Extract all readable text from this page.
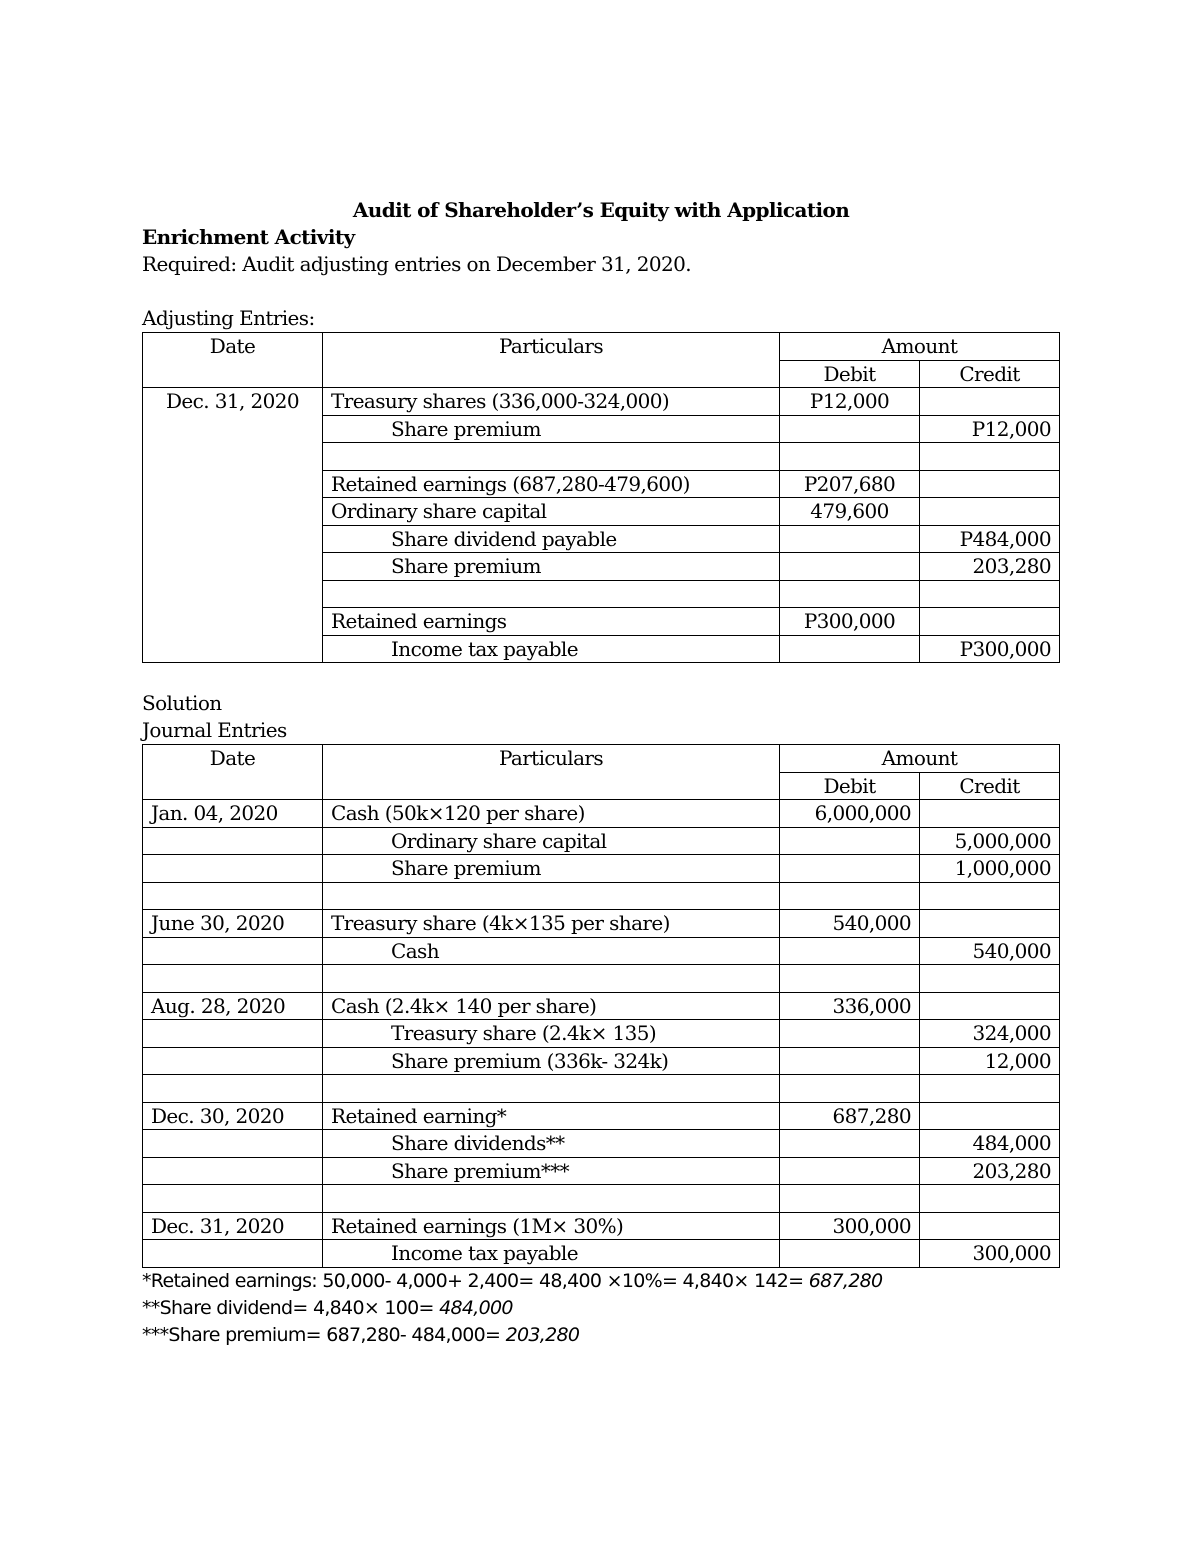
Audit of Shareholder’s Equity with Application
Enrichment Activity
Required: Audit adjusting entries on December 31, 2020.
Adjusting Entries:
Date	Particulars	Amount	
		Debit	Credit
Dec. 31, 2020	Treasury shares (336,000-324,000)	P12,000	
	Share premium		P12,000

	Retained earnings (687,280-479,600)	P207,680	
	Ordinary share capital	479,600	
	Share dividend payable		P484,000
	Share premium		203,280

	Retained earnings	P300,000	
	Income tax payable		P300,000
Solution
Journal Entries
Date	Particulars	Amount	
		Debit	Credit
Jan. 04, 2020	Cash (50k×120 per share)	6,000,000	
	Ordinary share capital		5,000,000
	Share premium		1,000,000

June 30, 2020	Treasury share (4k×135 per share)	540,000	
	Cash		540,000

Aug. 28, 2020	Cash (2.4k× 140 per share)	336,000	
	Treasury share (2.4k× 135)		324,000
	Share premium (336k- 324k)		12,000

Dec. 30, 2020	Retained earning*	687,280	
	Share dividends**		484,000
	Share premium***		203,280

Dec. 31, 2020	Retained earnings (1M× 30%)	300,000	
	Income tax payable		300,000
*Retained earnings: 50,000- 4,000+ 2,400= 48,400 ×10%= 4,840× 142= 687,280
**Share dividend= 4,840× 100= 484,000
***Share premium= 687,280- 484,000= 203,280
